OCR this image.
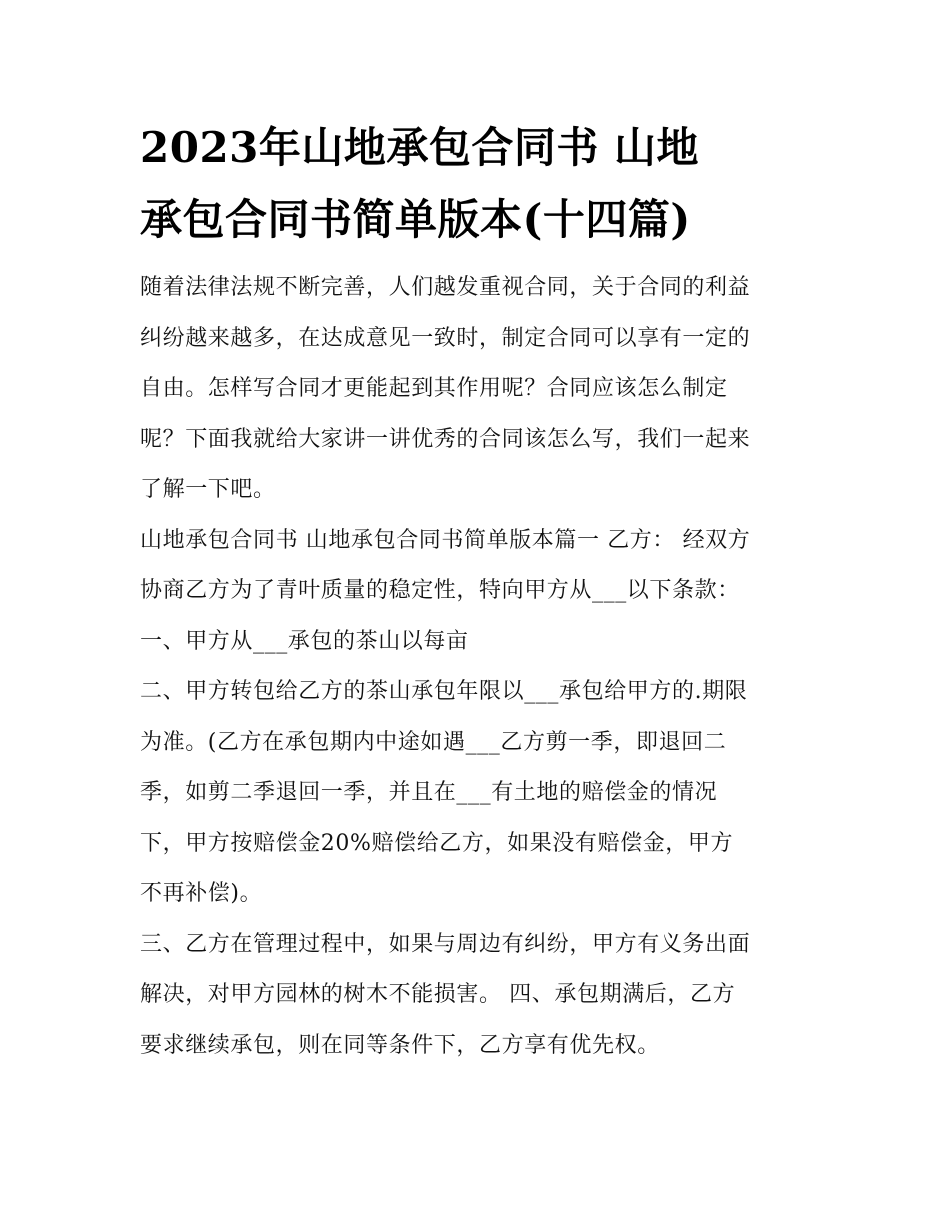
2023年山地承包合同书 山地
承包合同书简单版本(十四篇)

随着法律法规不断完善，人们越发重视合同，关于合同的利益
纠纷越来越多，在达成意见一致时，制定合同可以享有一定的
自由。怎样写合同才更能起到其作用呢？合同应该怎么制定
呢？下面我就给大家讲一讲优秀的合同该怎么写，我们一起来
了解一下吧。

山地承包合同书 山地承包合同书简单版本篇一 乙方： 经双方
协商乙方为了青叶质量的稳定性，特向甲方从___以下条款：

一、甲方从___承包的茶山以每亩

二、甲方转包给乙方的茶山承包年限以___承包给甲方的.期限
为准。(乙方在承包期内中途如遇___乙方剪一季，即退回二
季，如剪二季退回一季，并且在___有土地的赔偿金的情况
下，甲方按赔偿金20%赔偿给乙方，如果没有赔偿金，甲方
不再补偿)。

三、乙方在管理过程中，如果与周边有纠纷，甲方有义务出面
解决，对甲方园林的树木不能损害。 四、承包期满后，乙方
要求继续承包，则在同等条件下，乙方享有优先权。
